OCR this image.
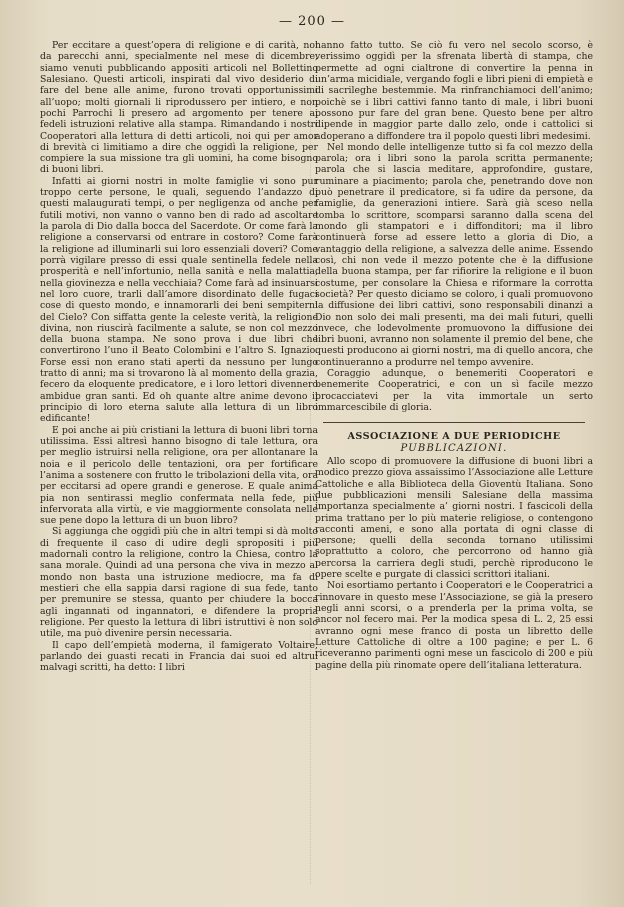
— 200 —

Per eccitare a quest’opera di religione e di carità, noi da parecchi anni, specialmente nel mese di dicembre, siamo venuti pubblicando appositi articoli nel Bollettino Salesiano. Questi articoli, inspirati dal vivo desiderio di fare del bene alle anime, furono trovati opportunissimi all’uopo; molti giornali li riprodussero per intiero, e non pochi Parrochi li presero ad argomento per tenere ai fedeli istruzioni relative alla stampa. Rimandando i nostri Cooperatori alla lettura di detti articoli, noi qui per amor di brevità ci limitiamo a dire che oggidì la religione, per compiere la sua missione tra gli uomini, ha come bisogno di buoni libri.

Infatti ai giorni nostri in molte famiglie vi sono pur troppo certe persone, le quali, seguendo l’andazzo di questi malaugurati tempi, o per negligenza od anche per futili motivi, non vanno o vanno ben di rado ad ascoltare la parola di Dio dalla bocca del Sacerdote. Or come farà la religione a conservarsi od entrare in costoro? Come farà la religione ad illuminarli sui loro essenziali doveri? Come porrà vigilare presso di essi quale sentinella fedele nella prosperità e nell’infortunio, nella sanità e nella malattia, nella giovinezza e nella vecchiaia? Come farà ad insinuarsi nel loro cuore, trarli dall’amore disordinato delle fugaci cose di questo mondo, e innamorarli dei beni sempiterni del Cielo? Con siffatta gente la celeste verità, la religione divina, non riuscirà facilmente a salute, se non col mezzo della buona stampa. Ne sono prova i due libri che convertirono l’uno il Beato Colombini e l’altro S. Ignazio. Forse essi non erano stati aperti da nessuno per lungo tratto di anni; ma si trovarono là al momento della grazia, fecero da eloquente predicatore, e i loro lettori divennero ambidue gran santi. Ed oh quante altre anime devono il principio di loro eterna salute alla lettura di un libro edificante!

E poi anche ai più cristiani la lettura di buoni libri torna utilissima. Essi altresì hanno bisogno di tale lettura, ora per meglio istruirsi nella religione, ora per allontanare la noia e il pericolo delle tentazioni, ora per fortificare l’anima a sostenere con frutto le tribolazioni della vita, ora per eccitarsi ad opere grandi e generose. E quale anima pia non sentirassi meglio confermata nella fede, più infervorata alla virtù, e vie maggiormente consolata nelle sue pene dopo la lettura di un buon libro?

Si aggiunga che oggidì più che in altri tempi si dà molto di frequente il caso di udire degli spropositi i più madornali contro la religione, contro la Chiesa, contro la sana morale. Quindi ad una persona che viva in mezzo al mondo non basta una istruzione mediocre, ma fa di mestieri che ella sappia darsi ragione di sua fede, tanto per premunire se stessa, quanto per chiudere la bocca agli ingannati od ingannatori, e difendere la propria religione. Per questo la lettura di libri istruttivi è non solo utile, ma può divenire persin necessaria.

Il capo dell’empietà moderna, il famigerato Voltaire, parlando dei guasti recati in Francia dai suoi ed altrui malvagi scritti, ha detto: I libri

hanno fatto tutto. Se ciò fu vero nel secolo scorso, è verissimo oggidì per la sfrenata libertà di stampa, che permette ad ogni cialtrone di convertire la penna in un’arma micidiale, vergando fogli e libri pieni di empietà e di sacrileghe bestemmie. Ma rinfranchiamoci dell’animo; poichè se i libri cattivi fanno tanto di male, i libri buoni possono pur fare del gran bene. Questo bene per altro dipende in maggior parte dallo zelo, onde i cattolici si adoperano a diffondere tra il popolo questi libri medesimi.

Nel mondo delle intelligenze tutto si fa col mezzo della parola; ora i libri sono la parola scritta permanente; parola che si lascia meditare, approfondire, gustare, ruminare a piacimento; parola che, penetrando dove non può penetrare il predicatore, si fa udire da persone, da famiglie, da generazioni intiere. Sarà già sceso nella tomba lo scrittore, scomparsi saranno dalla scena del mondo gli stampatori e i diffonditori; ma il libro continuerà forse ad essere letto a gloria di Dio, a vantaggio della religione, a salvezza delle anime. Essendo così, chi non vede il mezzo potente che è la diffusione della buona stampa, per far rifiorire la religione e il buon costume, per consolare la Chiesa e riformare la corrotta società? Per questo diciamo se coloro, i quali promuovono la diffusione dei libri cattivi, sono responsabili dinanzi a Dio non solo dei mali presenti, ma dei mali futuri, quelli invece, che lodevolmente promuovono la diffusione dei libri buoni, avranno non solamente il premio del bene, che questi producono ai giorni nostri, ma di quello ancora, che continueranno a produrre nel tempo avvenire.

Coraggio adunque, o benemeriti Cooperatori e benemerite Cooperatrici, e con un sì facile mezzo procacciatevi per la vita immortale un serto immarcescibile di gloria.

ASSOCIAZIONE A DUE PERIODICHE
PUBBLICAZIONI.

Allo scopo di promuovere la diffusione di buoni libri a modico prezzo giova assaissimo l’Associazione alle Letture Cattoliche e alla Biblioteca della Gioventù Italiana. Sono due pubblicazioni mensili Salesiane della massima importanza specialmente a’ giorni nostri. I fascicoli della prima trattano per lo più materie religiose, o contengono racconti ameni, e sono alla portata di ogni classe di persone; quelli della seconda tornano utilissimi soprattutto a coloro, che percorrono od hanno già percorsa la carriera degli studi, perchè riproducono le opere scelte e purgate di classici scrittori italiani.

Noi esortiamo pertanto i Cooperatori e le Cooperatrici a rinnovare in questo mese l’Associazione, se già la presero negli anni scorsi, o a prenderla per la prima volta, se ancor nol fecero mai. Per la modica spesa di L. 2, 25 essi avranno ogni mese franco di posta un libretto delle Letture Cattoliche di oltre a 100 pagine; e per L. 6 riceveranno parimenti ogni mese un fascicolo di 200 e più pagine della più rinomate opere dell’italiana letteratura.
